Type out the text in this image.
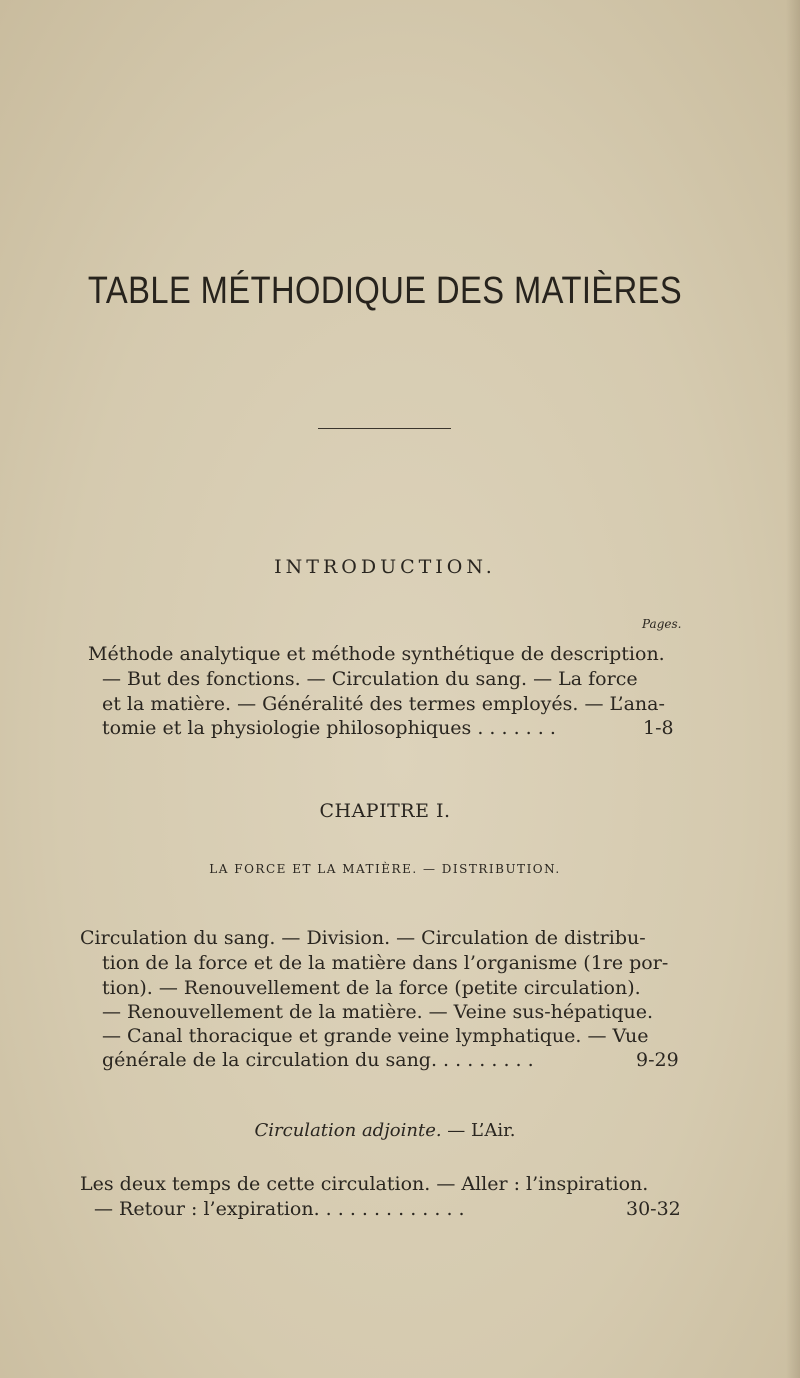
TABLE MÉTHODIQUE DES MATIÈRES
INTRODUCTION.
Pages.
Méthode analytique et méthode synthétique de description.
— But des fonctions. — Circulation du sang. — La force
et la matière. — Généralité des termes employés. — L’ana-
tomie et la physiologie philosophiques . . . . . . .	1-8
CHAPITRE I.
LA FORCE ET LA MATIÈRE. — DISTRIBUTION.
Circulation du sang. — Division. — Circulation de distribu-
tion de la force et de la matière dans l’organisme (1re por-
tion). — Renouvellement de la force (petite circulation).
— Renouvellement de la matière. — Veine sus-hépatique.
— Canal thoracique et grande veine lymphatique. — Vue
générale de la circulation du sang. . . . . . . . .	9-29
Circulation adjointe. — L’Air.
Les deux temps de cette circulation. — Aller : l’inspiration.
— Retour : l’expiration. . . . . . . . . . . . .	30-32
